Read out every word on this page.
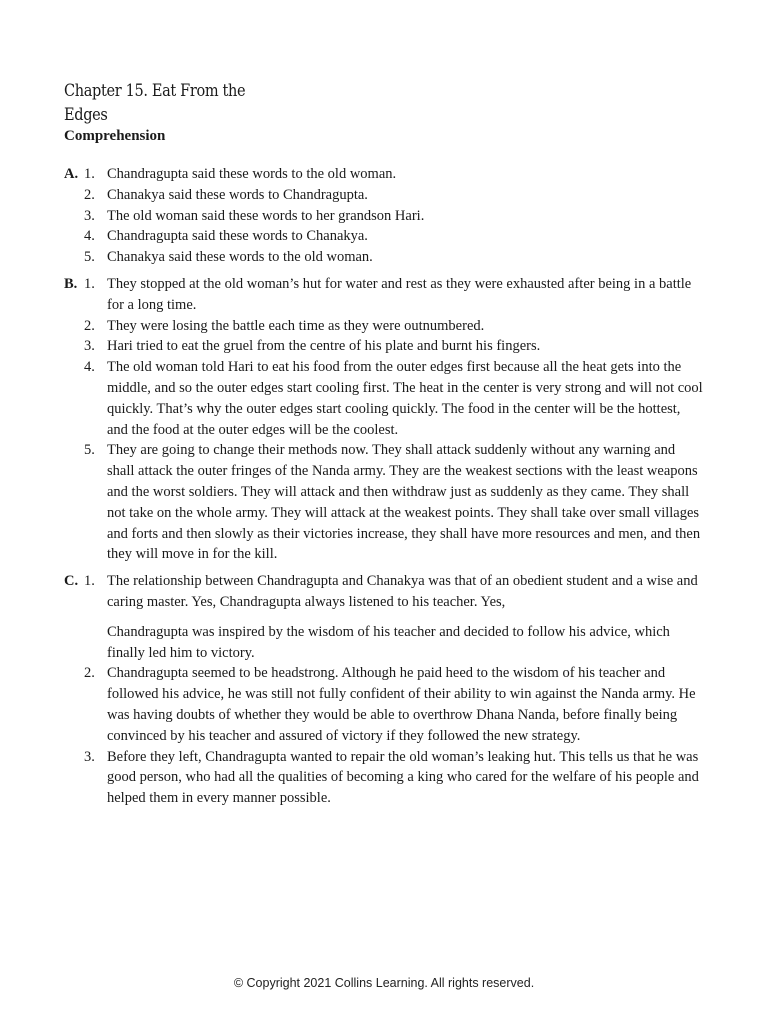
Chapter 15. Eat From the Edges
Comprehension
A. 1. Chandragupta said these words to the old woman.
2. Chanakya said these words to Chandragupta.
3. The old woman said these words to her grandson Hari.
4. Chandragupta said these words to Chanakya.
5. Chanakya said these words to the old woman.
B. 1. They stopped at the old woman’s hut for water and rest as they were exhausted after being in a battle for a long time.
2. They were losing the battle each time as they were outnumbered.
3. Hari tried to eat the gruel from the centre of his plate and burnt his fingers.
4. The old woman told Hari to eat his food from the outer edges first because all the heat gets into the middle, and so the outer edges start cooling first. The heat in the center is very strong and will not cool quickly. That’s why the outer edges start cooling quickly. The food in the center will be the hottest, and the food at the outer edges will be the coolest.
5. They are going to change their methods now. They shall attack suddenly without any warning and shall attack the outer fringes of the Nanda army. They are the weakest sections with the least weapons and the worst soldiers. They will attack and then withdraw just as suddenly as they came. They shall not take on the whole army. They will attack at the weakest points. They shall take over small villages and forts and then slowly as their victories increase, they shall have more resources and men, and then they will move in for the kill.
C. 1. The relationship between Chandragupta and Chanakya was that of an obedient student and a wise and caring master. Yes, Chandragupta always listened to his teacher. Yes,
Chandragupta was inspired by the wisdom of his teacher and decided to follow his advice, which finally led him to victory.
2. Chandragupta seemed to be headstrong. Although he paid heed to the wisdom of his teacher and followed his advice, he was still not fully confident of their ability to win against the Nanda army. He was having doubts of whether they would be able to overthrow Dhana Nanda, before finally being convinced by his teacher and assured of victory if they followed the new strategy.
3. Before they left, Chandragupta wanted to repair the old woman’s leaking hut. This tells us that he was good person, who had all the qualities of becoming a king who cared for the welfare of his people and helped them in every manner possible.
© Copyright 2021 Collins Learning. All rights reserved.
